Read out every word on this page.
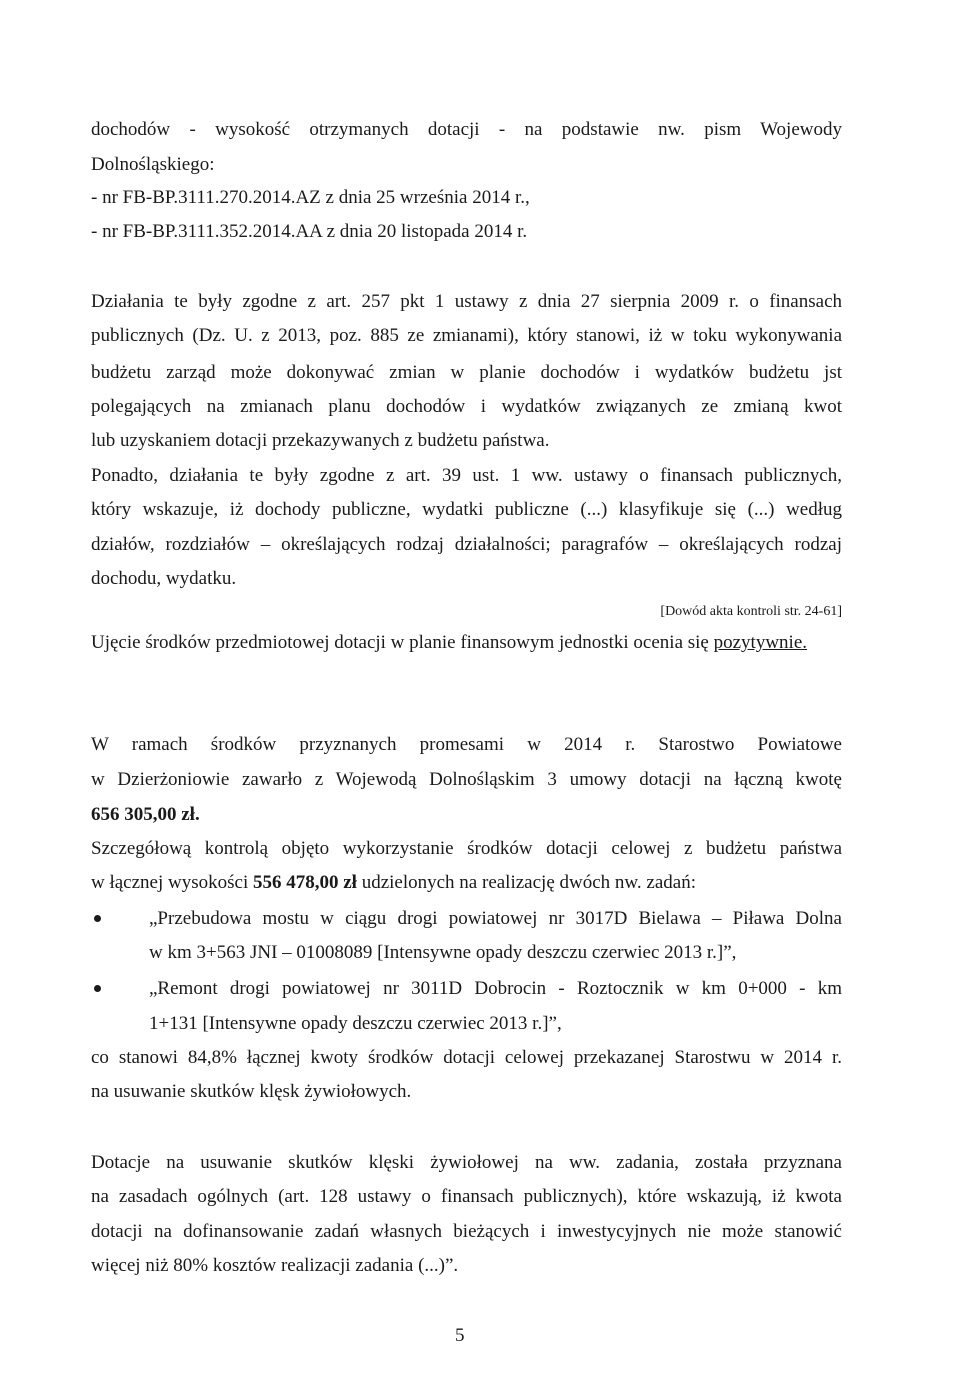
dochodów - wysokość otrzymanych dotacji - na podstawie nw. pism Wojewody
Dolnośląskiego:
- nr FB-BP.3111.270.2014.AZ z dnia 25 września 2014 r.,
- nr FB-BP.3111.352.2014.AA z dnia 20 listopada 2014 r.
Działania te były zgodne z art. 257 pkt 1 ustawy z dnia 27 sierpnia 2009 r. o finansach
publicznych (Dz. U. z 2013, poz. 885 ze zmianami), który stanowi, iż w toku wykonywania
budżetu zarząd może dokonywać zmian w planie dochodów i wydatków budżetu jst
polegających na zmianach planu dochodów i wydatków związanych ze zmianą kwot
lub uzyskaniem dotacji przekazywanych z budżetu państwa.
Ponadto, działania te były zgodne z art. 39 ust. 1 ww. ustawy o finansach publicznych,
który wskazuje, iż dochody publiczne, wydatki publiczne (...) klasyfikuje się (...) według
działów, rozdziałów – określających rodzaj działalności; paragrafów – określających rodzaj
dochodu, wydatku.
[Dowód akta kontroli str. 24-61]
Ujęcie środków przedmiotowej dotacji w planie finansowym jednostki ocenia się pozytywnie.
W ramach środków przyznanych promesami w 2014 r. Starostwo Powiatowe
w Dzierżoniowie zawarło z Wojewodą Dolnośląskim 3 umowy dotacji na łączną kwotę
656 305,00 zł.
Szczegółową kontrolą objęto wykorzystanie środków dotacji celowej z budżetu państwa
w łącznej wysokości 556 478,00 zł udzielonych na realizację dwóch nw. zadań:
„Przebudowa mostu w ciągu drogi powiatowej nr 3017D Bielawa – Piława Dolna
w km 3+563 JNI – 01008089 [Intensywne opady deszczu czerwiec 2013 r.]”,
„Remont drogi powiatowej nr 3011D Dobrocin - Roztocznik w km 0+000 - km
1+131 [Intensywne opady deszczu czerwiec 2013 r.]”,
co stanowi 84,8% łącznej kwoty środków dotacji celowej przekazanej Starostwu w 2014 r.
na usuwanie skutków klęsk żywiołowych.
Dotacje na usuwanie skutków klęski żywiołowej na ww. zadania, została przyznana
na zasadach ogólnych (art. 128 ustawy o finansach publicznych), które wskazują, iż kwota
dotacji na dofinansowanie zadań własnych bieżących i inwestycyjnych nie może stanowić
więcej niż 80% kosztów realizacji zadania (...)”.
5
